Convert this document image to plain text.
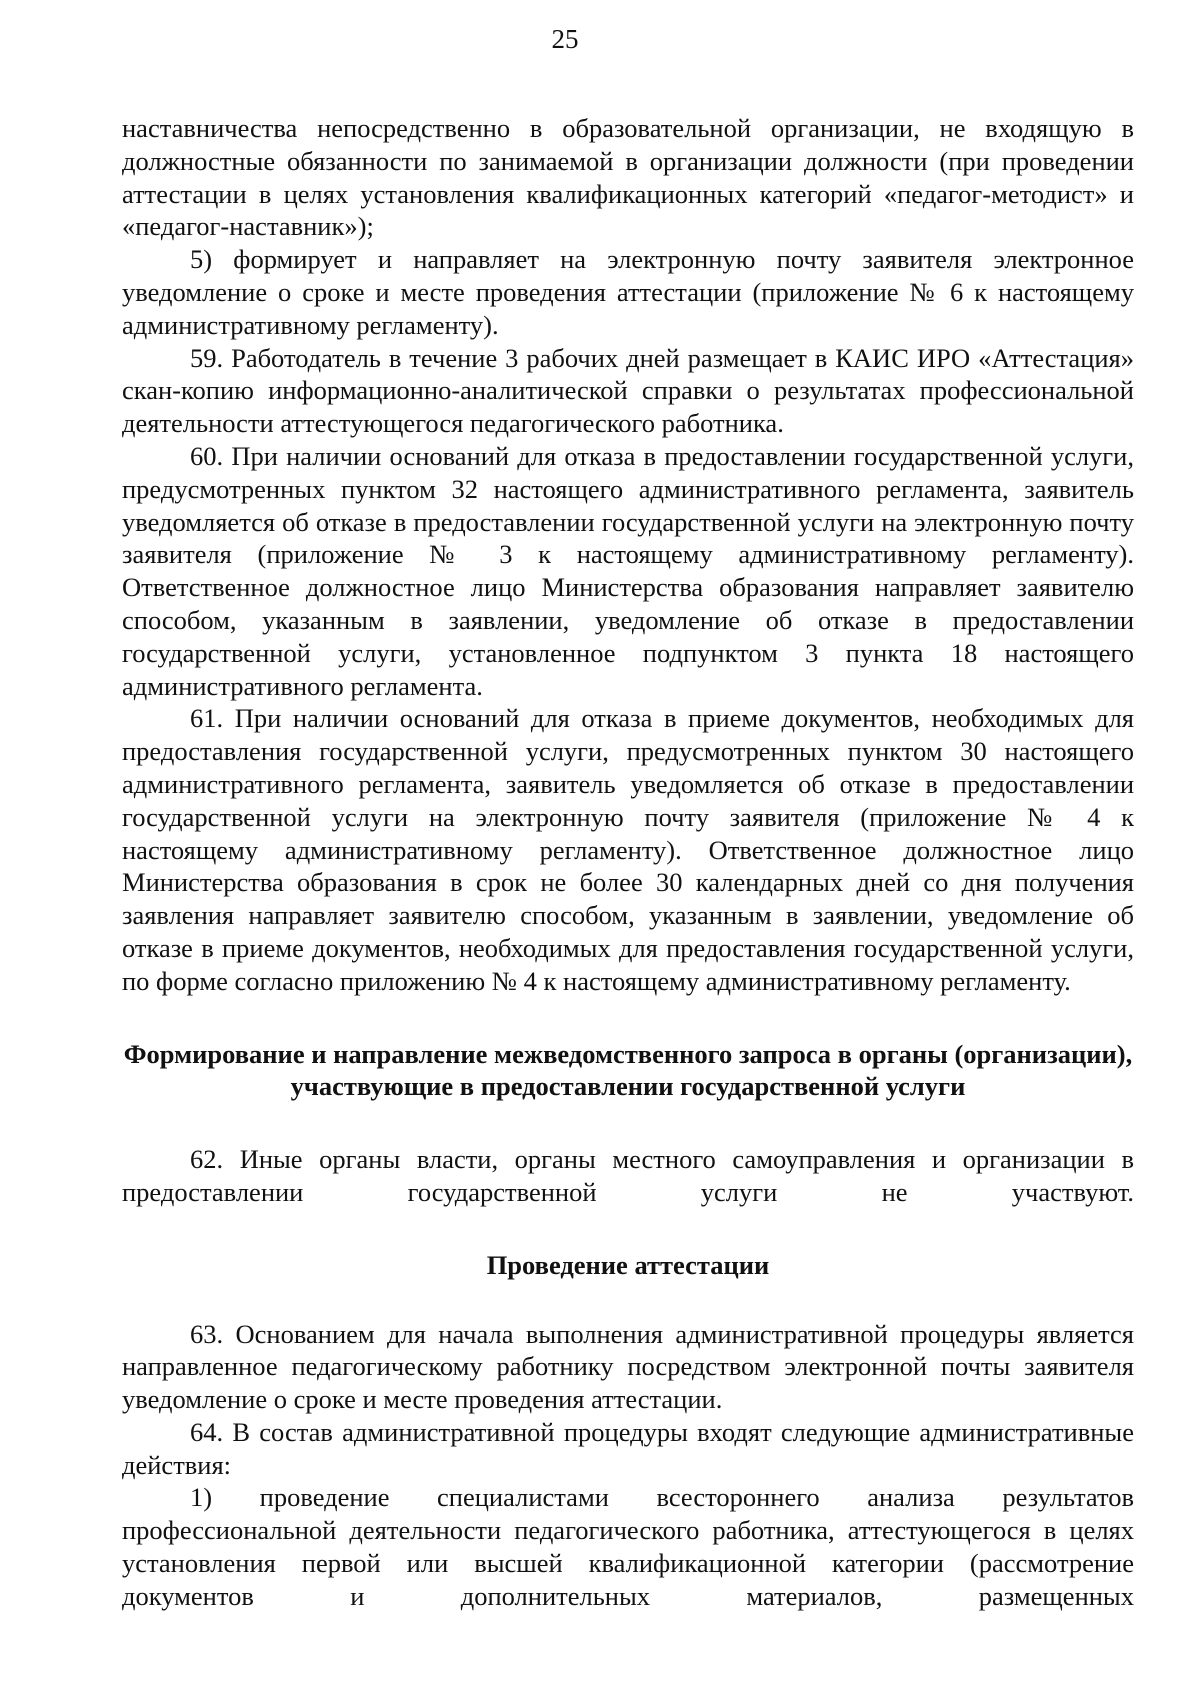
25

наставничества непосредственно в образовательной организации, не входящую в должностные обязанности по занимаемой в организации должности (при проведении аттестации в целях установления квалификационных категорий «педагог-методист» и «педагог-наставник»);

5) формирует и направляет на электронную почту заявителя электронное уведомление о сроке и месте проведения аттестации (приложение № 6 к настоящему административному регламенту).

59. Работодатель в течение 3 рабочих дней размещает в КАИС ИРО «Аттестация» скан-копию информационно-аналитической справки о результатах профессиональной деятельности аттестующегося педагогического работника.

60. При наличии оснований для отказа в предоставлении государственной услуги, предусмотренных пунктом 32 настоящего административного регламента, заявитель уведомляется об отказе в предоставлении государственной услуги на электронную почту заявителя (приложение № 3 к настоящему административному регламенту). Ответственное должностное лицо Министерства образования направляет заявителю способом, указанным в заявлении, уведомление об отказе в предоставлении государственной услуги, установленное подпунктом 3 пункта 18 настоящего административного регламента.

61. При наличии оснований для отказа в приеме документов, необходимых для предоставления государственной услуги, предусмотренных пунктом 30 настоящего административного регламента, заявитель уведомляется об отказе в предоставлении государственной услуги на электронную почту заявителя (приложение № 4 к настоящему административному регламенту). Ответственное должностное лицо Министерства образования в срок не более 30 календарных дней со дня получения заявления направляет заявителю способом, указанным в заявлении, уведомление об отказе в приеме документов, необходимых для предоставления государственной услуги, по форме согласно приложению № 4 к настоящему административному регламенту.

Формирование и направление межведомственного запроса в органы (организации), участвующие в предоставлении государственной услуги

62. Иные органы власти, органы местного самоуправления и организации в предоставлении государственной услуги не участвуют.

Проведение аттестации

63. Основанием для начала выполнения административной процедуры является направленное педагогическому работнику посредством электронной почты заявителя уведомление о сроке и месте проведения аттестации.

64. В состав административной процедуры входят следующие административные действия:

1) проведение специалистами всестороннего анализа результатов профессиональной деятельности педагогического работника, аттестующегося в целях установления первой или высшей квалификационной категории (рассмотрение документов и дополнительных материалов, размещенных
